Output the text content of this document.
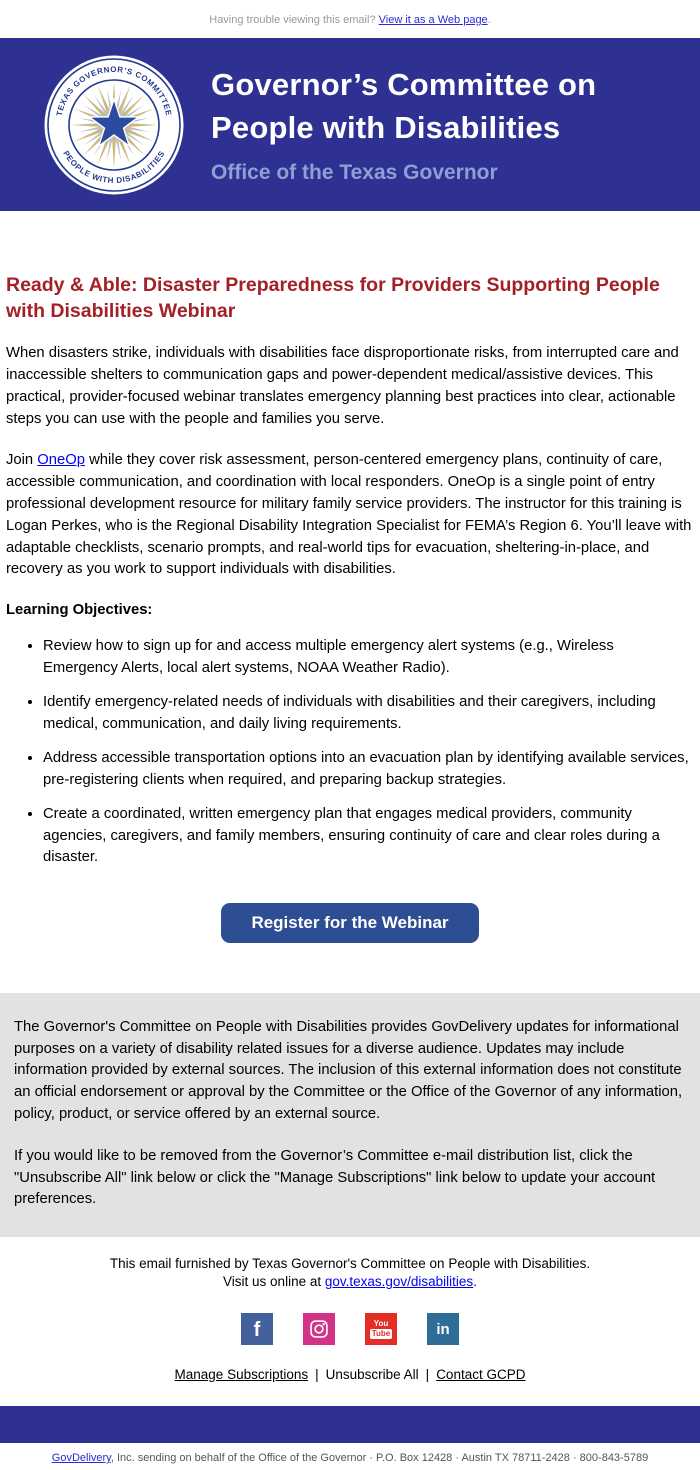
Having trouble viewing this email? View it as a Web page.
TEXAS GOVERNOR’S COMMITTEE
PEOPLE WITH DISABILITIES
Governor’s Committee on
People with Disabilities
Office of the Texas Governor
Ready & Able: Disaster Preparedness for Providers Supporting People with Disabilities Webinar

When disasters strike, individuals with disabilities face disproportionate risks, from interrupted care and inaccessible shelters to communication gaps and power-dependent medical/assistive devices. This practical, provider-focused webinar translates emergency planning best practices into clear, actionable steps you can use with the people and families you serve.

Join OneOp while they cover risk assessment, person-centered emergency plans, continuity of care, accessible communication, and coordination with local responders. OneOp is a single point of entry professional development resource for military family service providers. The instructor for this training is Logan Perkes, who is the Regional Disability Integration Specialist for FEMA’s Region 6. You’ll leave with adaptable checklists, scenario prompts, and real-world tips for evacuation, sheltering-in-place, and recovery as you work to support individuals with disabilities.

Learning Objectives:

• Review how to sign up for and access multiple emergency alert systems (e.g., Wireless Emergency Alerts, local alert systems, NOAA Weather Radio).
• Identify emergency-related needs of individuals with disabilities and their caregivers, including medical, communication, and daily living requirements.
• Address accessible transportation options into an evacuation plan by identifying available services, pre-registering clients when required, and preparing backup strategies.
• Create a coordinated, written emergency plan that engages medical providers, community agencies, caregivers, and family members, ensuring continuity of care and clear roles during a disaster.
Register for the Webinar

The Governor's Committee on People with Disabilities provides GovDelivery updates for informational purposes on a variety of disability related issues for a diverse audience. Updates may include information provided by external sources. The inclusion of this external information does not constitute an official endorsement or approval by the Committee or the Office of the Governor of any information, policy, product, or service offered by an external source.

If you would like to be removed from the Governor’s Committee e-mail distribution list, click the "Unsubscribe All" link below or click the "Manage Subscriptions" link below to update your account preferences.

This email furnished by Texas Governor's Committee on People with Disabilities.
Visit us online at gov.texas.gov/disabilities.
f	You
Tube	in
Manage Subscriptions | Unsubscribe All | Contact GCPD
GovDelivery, Inc. sending on behalf of the Office of the Governor · P.O. Box 12428 · Austin TX 78711-2428 · 800-843-5789
